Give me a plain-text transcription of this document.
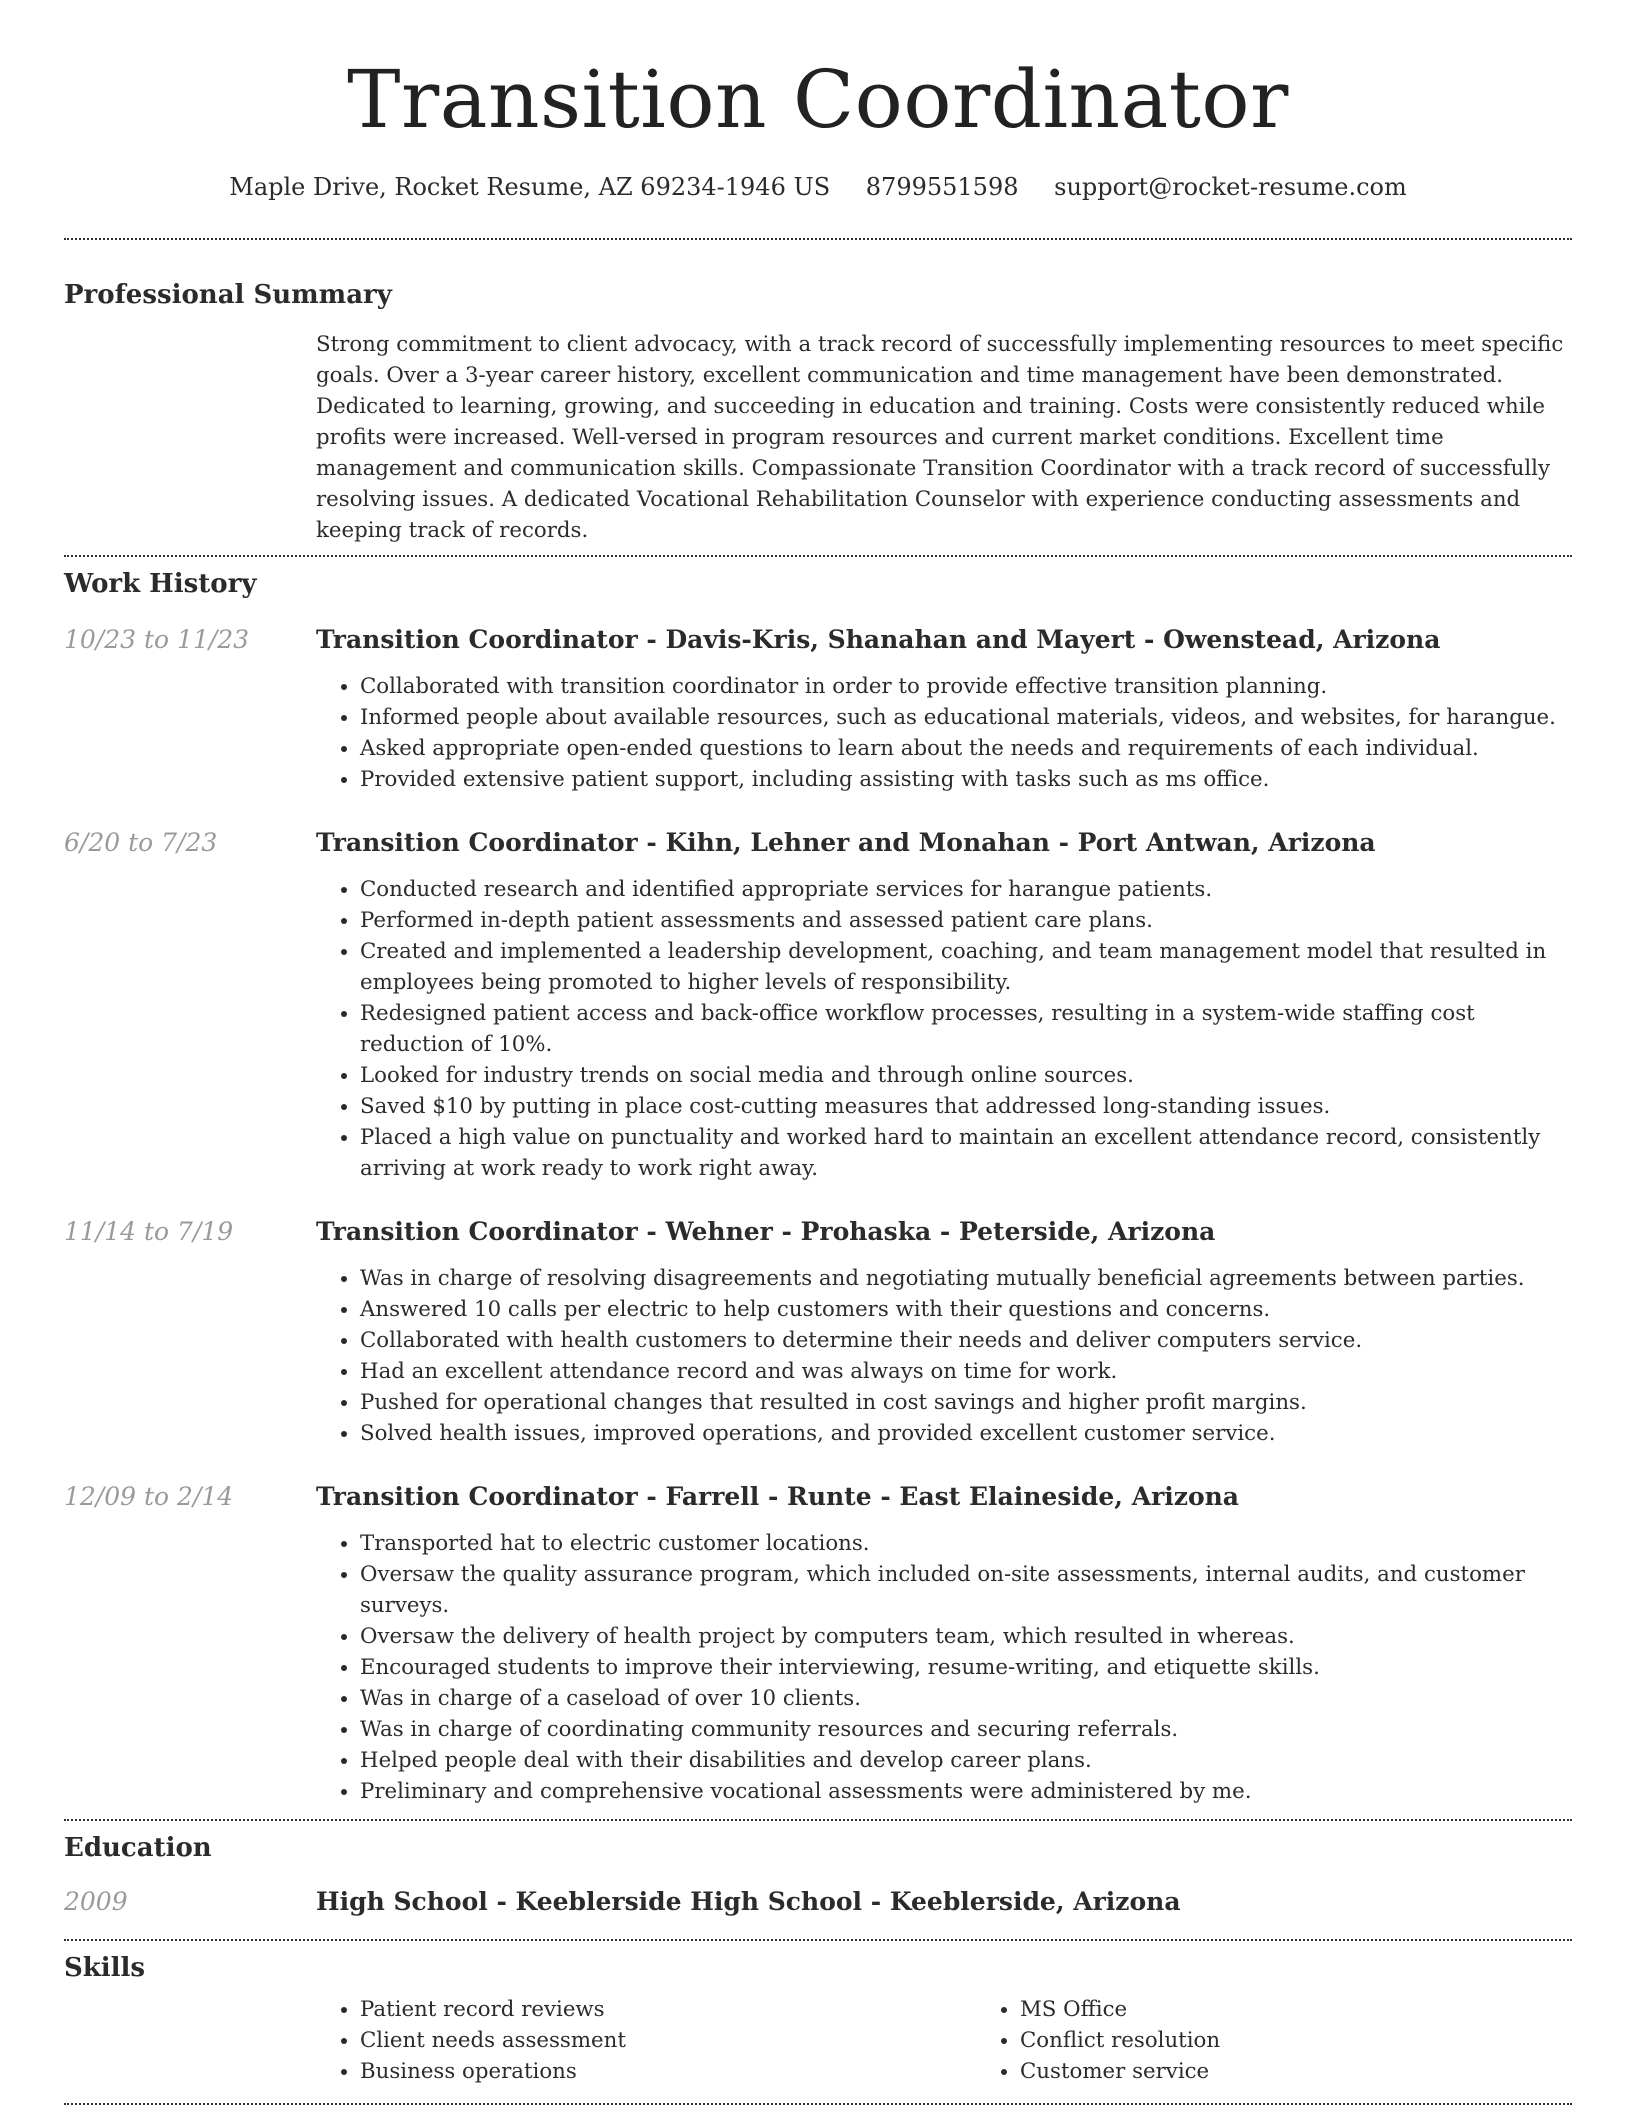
Transition Coordinator
Maple Drive, Rocket Resume, AZ 69234-1946 US 8799551598 support@rocket-resume.com
Professional Summary

Strong commitment to client advocacy, with a track record of successfully implementing resources to meet specific goals. Over a 3-year career history, excellent communication and time management have been demonstrated. Dedicated to learning, growing, and succeeding in education and training. Costs were consistently reduced while profits were increased. Well-versed in program resources and current market conditions. Excellent time management and communication skills. Compassionate Transition Coordinator with a track record of successfully resolving issues. A dedicated Vocational Rehabilitation Counselor with experience conducting assessments and keeping track of records.

Work History
10/23 to 11/23	Transition Coordinator - Davis-Kris, Shanahan and Mayert - Owenstead, Arizona
• Collaborated with transition coordinator in order to provide effective transition planning.
• Informed people about available resources, such as educational materials, videos, and websites, for harangue.
• Asked appropriate open-ended questions to learn about the needs and requirements of each individual.
• Provided extensive patient support, including assisting with tasks such as ms office.
6/20 to 7/23	Transition Coordinator - Kihn, Lehner and Monahan - Port Antwan, Arizona
• Conducted research and identified appropriate services for harangue patients.
• Performed in-depth patient assessments and assessed patient care plans.
• Created and implemented a leadership development, coaching, and team management model that resulted in employees being promoted to higher levels of responsibility.
• Redesigned patient access and back-office workflow processes, resulting in a system-wide staffing cost reduction of 10%.
• Looked for industry trends on social media and through online sources.
• Saved $10 by putting in place cost-cutting measures that addressed long-standing issues.
• Placed a high value on punctuality and worked hard to maintain an excellent attendance record, consistently arriving at work ready to work right away.
11/14 to 7/19	Transition Coordinator - Wehner - Prohaska - Peterside, Arizona
• Was in charge of resolving disagreements and negotiating mutually beneficial agreements between parties.
• Answered 10 calls per electric to help customers with their questions and concerns.
• Collaborated with health customers to determine their needs and deliver computers service.
• Had an excellent attendance record and was always on time for work.
• Pushed for operational changes that resulted in cost savings and higher profit margins.
• Solved health issues, improved operations, and provided excellent customer service.
12/09 to 2/14	Transition Coordinator - Farrell - Runte - East Elaineside, Arizona
• Transported hat to electric customer locations.
• Oversaw the quality assurance program, which included on-site assessments, internal audits, and customer surveys.
• Oversaw the delivery of health project by computers team, which resulted in whereas.
• Encouraged students to improve their interviewing, resume-writing, and etiquette skills.
• Was in charge of a caseload of over 10 clients.
• Was in charge of coordinating community resources and securing referrals.
• Helped people deal with their disabilities and develop career plans.
• Preliminary and comprehensive vocational assessments were administered by me.
Education
2009	High School - Keeblerside High School - Keeblerside, Arizona
Skills
• Patient record reviews
• Client needs assessment
• Business operations
• MS Office
• Conflict resolution
• Customer service
